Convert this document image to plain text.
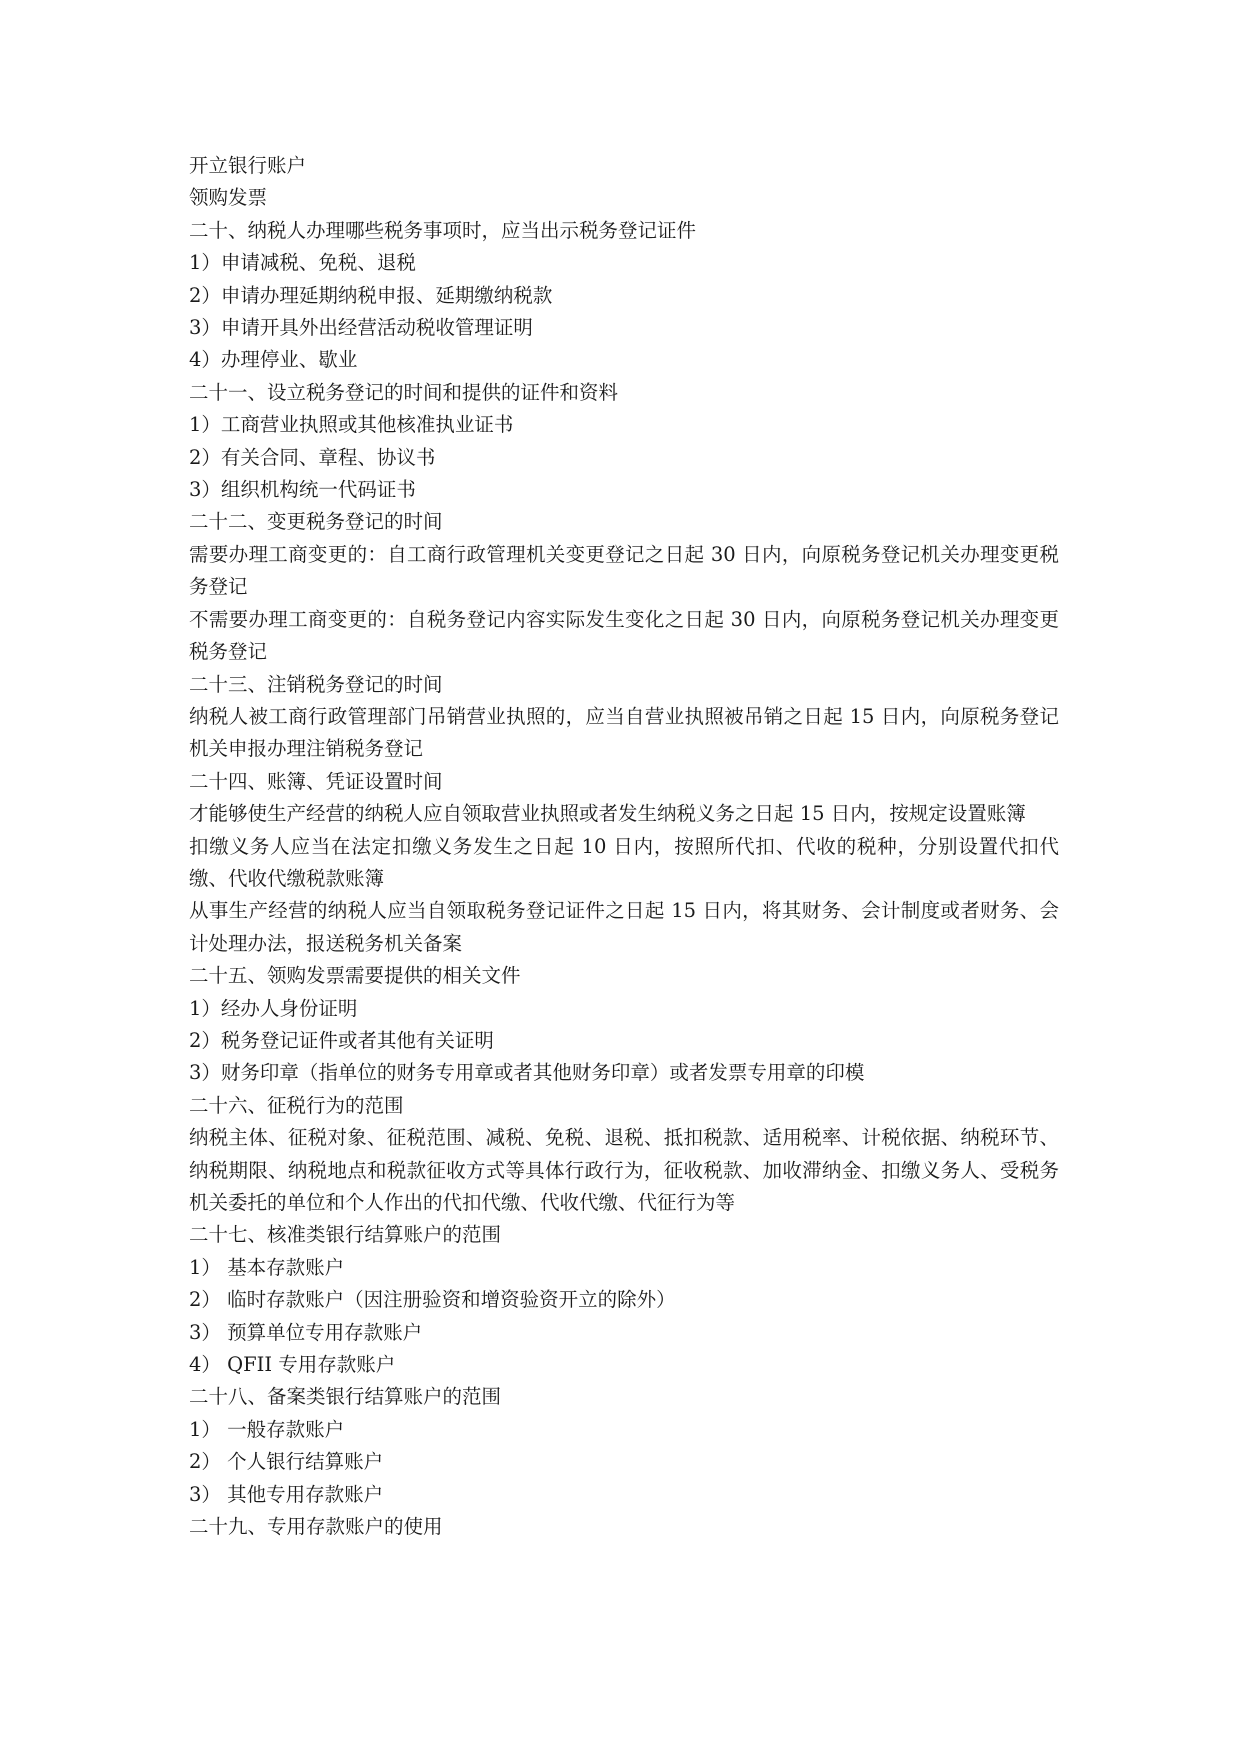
开立银行账户

领购发票

二十、纳税人办理哪些税务事项时，应当出示税务登记证件

1）申请减税、免税、退税

2）申请办理延期纳税申报、延期缴纳税款

3）申请开具外出经营活动税收管理证明

4）办理停业、歇业

二十一、设立税务登记的时间和提供的证件和资料

1）工商营业执照或其他核准执业证书

2）有关合同、章程、协议书

3）组织机构统一代码证书

二十二、变更税务登记的时间

需要办理工商变更的：自工商行政管理机关变更登记之日起 30 日内，向原税务登记机关办理变更税务登记

不需要办理工商变更的：自税务登记内容实际发生变化之日起 30 日内，向原税务登记机关办理变更税务登记

二十三、注销税务登记的时间

纳税人被工商行政管理部门吊销营业执照的，应当自营业执照被吊销之日起 15 日内，向原税务登记机关申报办理注销税务登记

二十四、账簿、凭证设置时间

才能够使生产经营的纳税人应自领取营业执照或者发生纳税义务之日起 15 日内，按规定设置账簿

扣缴义务人应当在法定扣缴义务发生之日起 10 日内，按照所代扣、代收的税种，分别设置代扣代缴、代收代缴税款账簿

从事生产经营的纳税人应当自领取税务登记证件之日起 15 日内，将其财务、会计制度或者财务、会计处理办法，报送税务机关备案

二十五、领购发票需要提供的相关文件

1）经办人身份证明

2）税务登记证件或者其他有关证明

3）财务印章（指单位的财务专用章或者其他财务印章）或者发票专用章的印模

二十六、征税行为的范围

纳税主体、征税对象、征税范围、减税、免税、退税、抵扣税款、适用税率、计税依据、纳税环节、纳税期限、纳税地点和税款征收方式等具体行政行为，征收税款、加收滞纳金、扣缴义务人、受税务机关委托的单位和个人作出的代扣代缴、代收代缴、代征行为等

二十七、核准类银行结算账户的范围

1） 基本存款账户

2） 临时存款账户（因注册验资和增资验资开立的除外）

3） 预算单位专用存款账户

4） QFII 专用存款账户

二十八、备案类银行结算账户的范围

1） 一般存款账户

2） 个人银行结算账户

3） 其他专用存款账户

二十九、专用存款账户的使用
